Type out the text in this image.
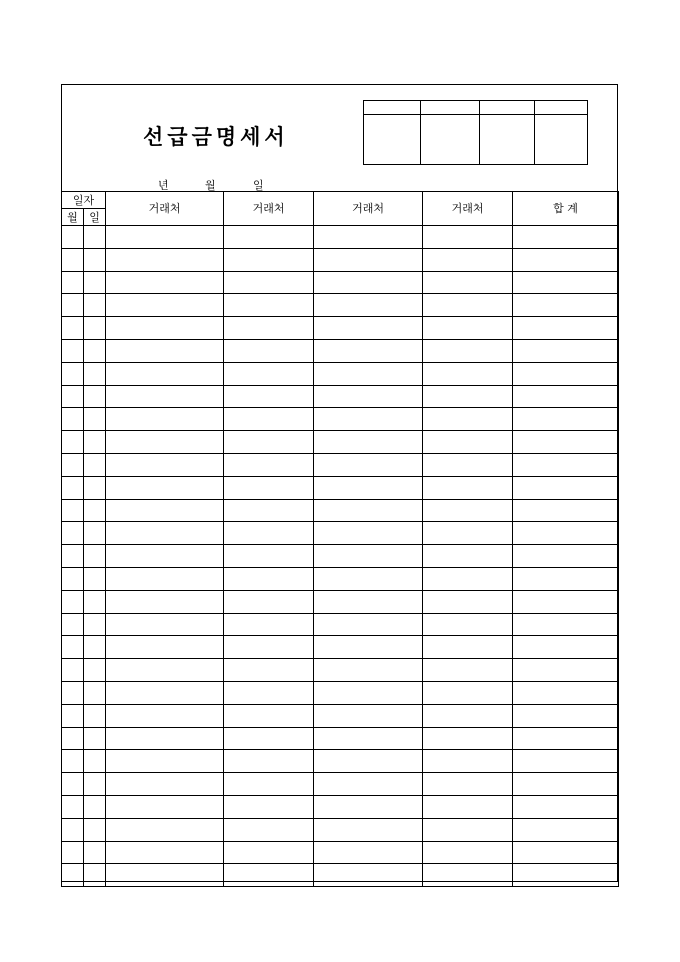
선급금명세서

년	월	일
일자		거래처	거래처	거래처	거래처	합 계
월	일					
